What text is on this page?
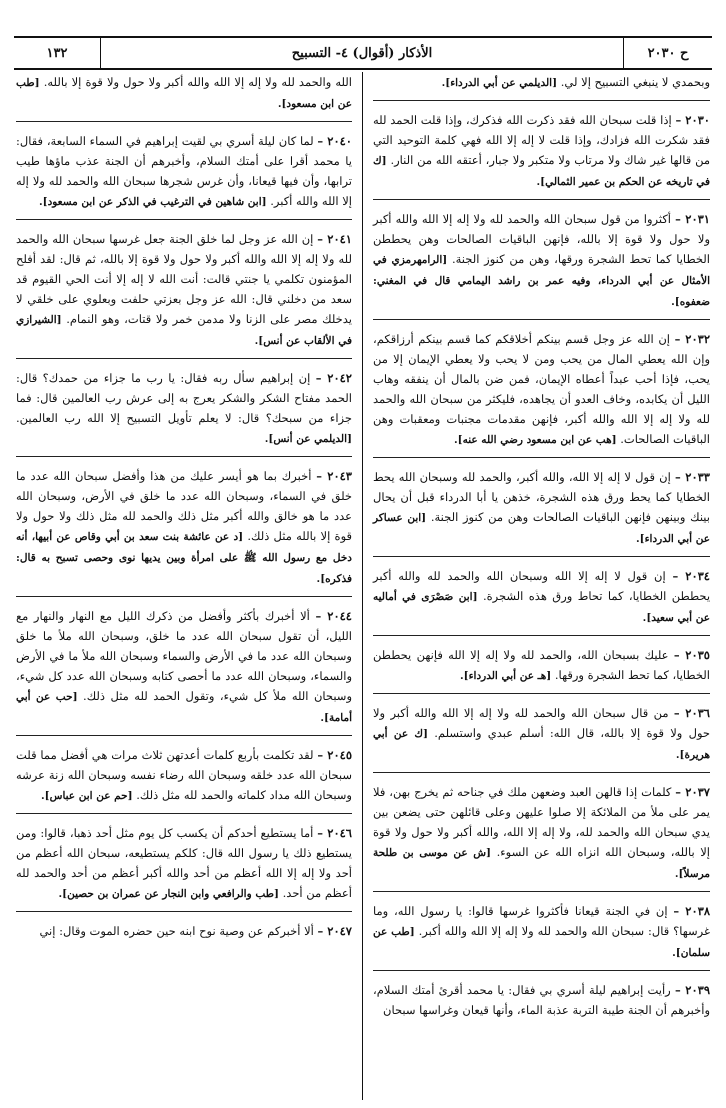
ح ٢٠٣٠
الأذكار (أقوال) ٤- التسبيح
١٣٢

وبحمدي لا ينبغي التسبيح إلا لي. [الديلمي عن أبي الدرداء].

٢٠٣٠ – إذا قلت سبحان الله فقد ذكرت الله فذكرك، وإذا قلت الحمد لله فقد شكرت الله فزادك، وإذا قلت لا إله إلا الله فهي كلمة التوحيد التي من قالها غير شاك ولا مرتاب ولا متكبر ولا جبار، أعتقه الله من النار. [ك في تاريخه عن الحكم بن عمير الثمالي].

٢٠٣١ – أكثروا من قول سبحان الله والحمد لله ولا إله إلا الله والله أكبر ولا حول ولا قوة إلا بالله، فإنهن الباقيات الصالحات وهن يحططن الخطايا كما تحط الشجرة ورقها، وهن من كنوز الجنة. [الرامهرمزي في الأمثال عن أبي الدرداء، وفيه عمر بن راشد اليمامي قال في المغني: ضعفوه].

٢٠٣٢ – إن الله عز وجل قسم بينكم أخلاقكم كما قسم بينكم أرزاقكم، وإن الله يعطي المال من يحب ومن لا يحب ولا يعطي الإيمان إلا من يحب، فإذا أحب عبداً أعطاه الإيمان، فمن ضن بالمال أن ينفقه وهاب الليل أن يكابده، وخاف العدو أن يجاهده، فليكثر من سبحان الله والحمد لله ولا إله إلا الله والله أكبر، فإنهن مقدمات مجنبات ومعقبات وهن الباقيات الصالحات. [هب عن ابن مسعود رضي الله عنه].

٢٠٣٣ – إن قول لا إله إلا الله، والله أكبر، والحمد لله وسبحان الله يحط الخطايا كما يحط ورق هذه الشجرة، خذهن يا أبا الدرداء قبل أن يحال بينك وبينهن فإنهن الباقيات الصالحات وهن من كنوز الجنة. [ابن عساكر عن أبي الدرداء].

٢٠٣٤ – إن قول لا إله إلا الله وسبحان الله والحمد لله والله أكبر يحططن الخطايا، كما تحاط ورق هذه الشجرة. [ابن صَصْرَى في أماليه عن أبي سعيد].

٢٠٣٥ – عليك بسبحان الله، والحمد لله ولا إله إلا الله فإنهن يحططن الخطايا، كما تحط الشجرة ورقها. [هـ عن أبي الدرداء].

٢٠٣٦ – من قال سبحان الله والحمد لله ولا إله إلا الله والله أكبر ولا حول ولا قوة إلا بالله، قال الله: أسلم عبدي واستسلم. [ك عن أبي هريرة].

٢٠٣٧ – كلمات إذا قالهن العبد وضعهن ملك في جناحه ثم يخرج بهن، فلا يمر على ملأ من الملائكة إلا صلوا عليهن وعلى قائلهن حتى يضعن بين يدي سبحان الله والحمد لله، ولا إله إلا الله، والله أكبر ولا حول ولا قوة إلا بالله، وسبحان الله انزاه الله عن السوء. [ش عن موسى بن طلحة مرسلاً].

٢٠٣٨ – إن في الجنة قيعانا فأكثروا غرسها قالوا: يا رسول الله، وما غرسها؟ قال: سبحان الله والحمد لله ولا إله إلا الله والله أكبر. [طب عن سلمان].

٢٠٣٩ – رأيت إبراهيم ليلة أسري بي فقال: يا محمد أقرئ أمتك السلام، وأخبرهم أن الجنة طيبة التربة عذبة الماء، وأنها قيعان وغراسها سبحان

الله والحمد لله ولا إله إلا الله والله أكبر ولا حول ولا قوة إلا بالله. [طب عن ابن مسعود].

٢٠٤٠ – لما كان ليلة أسري بي لقيت إبراهيم في السماء السابعة، فقال: يا محمد أقرا على أمتك السلام، وأخبرهم أن الجنة عذب ماؤها طيب ترابها، وأن فيها قيعانا، وأن غرس شجرها سبحان الله والحمد لله ولا إله إلا الله والله أكبر. [ابن شاهين في الترغيب في الذكر عن ابن مسعود].

٢٠٤١ – إن الله عز وجل لما خلق الجنة جعل غرسها سبحان الله والحمد لله ولا إله إلا الله والله أكبر ولا حول ولا قوة إلا بالله، ثم قال: لقد أفلح المؤمنون تكلمي يا جنتي قالت: أنت الله لا إله إلا أنت الحي القيوم قد سعد من دخلني قال: الله عز وجل بعزتي حلفت وبعلوي على خلقي لا يدخلك مصر على الزنا ولا مدمن خمر ولا قتات، وهو النمام. [الشيرازي في الألقاب عن أنس].

٢٠٤٢ – إن إبراهيم سأل ربه فقال: يا رب ما جزاء من حمدك؟ قال: الحمد مفتاح الشكر والشكر يعرج به إلى عرش رب العالمين قال: فما جزاء من سبحك؟ قال: لا يعلم تأويل التسبيح إلا الله رب العالمين. [الديلمي عن أنس].

٢٠٤٣ – أخبرك بما هو أيسر عليك من هذا وأفضل سبحان الله عدد ما خلق في السماء، وسبحان الله عدد ما خلق في الأرض، وسبحان الله عدد ما هو خالق والله أكبر مثل ذلك والحمد لله مثل ذلك ولا حول ولا قوة إلا بالله مثل ذلك. [د عن عائشة بنت سعد بن أبي وقاص عن أبيها، أنه دخل مع رسول الله ﷺ على امرأة وبين يديها نوى وحصى تسبح به قال: فذكره].

٢٠٤٤ – ألا أخبرك بأكثر وأفضل من ذكرك الليل مع النهار والنهار مع الليل، أن تقول سبحان الله عدد ما خلق، وسبحان الله ملأ ما خلق وسبحان الله عدد ما في الأرض والسماء وسبحان الله ملأ ما في الأرض والسماء، وسبحان الله عدد ما أحصى كتابه وسبحان الله عدد كل شيء، وسبحان الله ملأ كل شيء، وتقول الحمد لله مثل ذلك. [حب عن أبي أمامة].

٢٠٤٥ – لقد تكلمت بأربع كلمات أعدتهن ثلاث مرات هي أفضل مما قلت سبحان الله عدد خلقه وسبحان الله رضاء نفسه وسبحان الله زنة عرشه وسبحان الله مداد كلماته والحمد لله مثل ذلك. [حم عن ابن عباس].

٢٠٤٦ – أما يستطيع أحدكم أن يكسب كل يوم مثل أحد ذهبا، قالوا: ومن يستطيع ذلك يا رسول الله قال: كلكم يستطيعه، سبحان الله أعظم من أحد ولا إله إلا الله أعظم من أحد والله أكبر أعظم من أحد والحمد لله أعظم من أحد. [طب والرافعي وابن النجار عن عمران بن حصين].

٢٠٤٧ – ألا أخبركم عن وصية نوح ابنه حين حضره الموت وقال: إني
